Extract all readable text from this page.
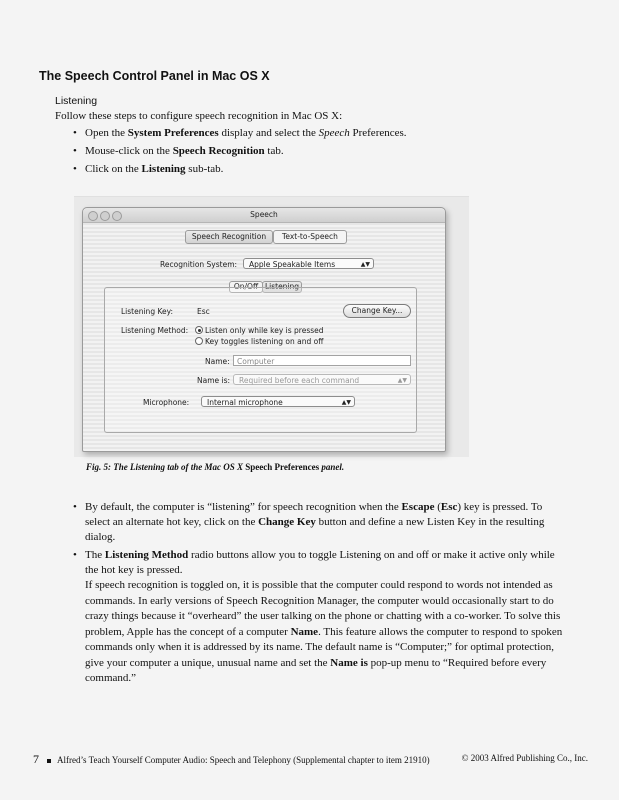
The Speech Control Panel in Mac OS X
Listening
Follow these steps to configure speech recognition in Mac OS X:
• Open the System Preferences display and select the Speech Preferences.
• Mouse-click on the Speech Recognition tab.
• Click on the Listening sub-tab.
Speech
Speech Recognition	Text-to-Speech
Recognition System:	Apple Speakable Items	▲▼
On/Off Listening
Listening Key:	Esc	Change Key...
Listening Method:	Listen only while key is pressed
Key toggles listening on and off
Name: Computer
Name is:	Required before each command	▲▼
Microphone:	Internal microphone	▲▼
Fig. 5: The Listening tab of the Mac OS X Speech Preferences panel.
• By default, the computer is “listening” for speech recognition when the Escape (Esc) key is pressed. To select an alternate hot key, click on the Change Key button and define a new Listen Key in the resulting dialog.
• The Listening Method radio buttons allow you to toggle Listening on and off or make it active only while the hot key is pressed.
If speech recognition is toggled on, it is possible that the computer could respond to words not intended as commands. In early versions of Speech Recognition Manager, the computer would occasionally start to do crazy things because it “overheard” the user talking on the phone or chatting with a co-worker. To solve this problem, Apple has the concept of a computer Name. This feature allows the computer to respond to spoken commands only when it is addressed by its name. The default name is “Computer;” for optimal protection, give your computer a unique, unusual name and set the Name is pop-up menu to “Required before every command.”
7 Alfred’s Teach Yourself Computer Audio: Speech and Telephony (Supplemental chapter to item 21910)	© 2003 Alfred Publishing Co., Inc.
